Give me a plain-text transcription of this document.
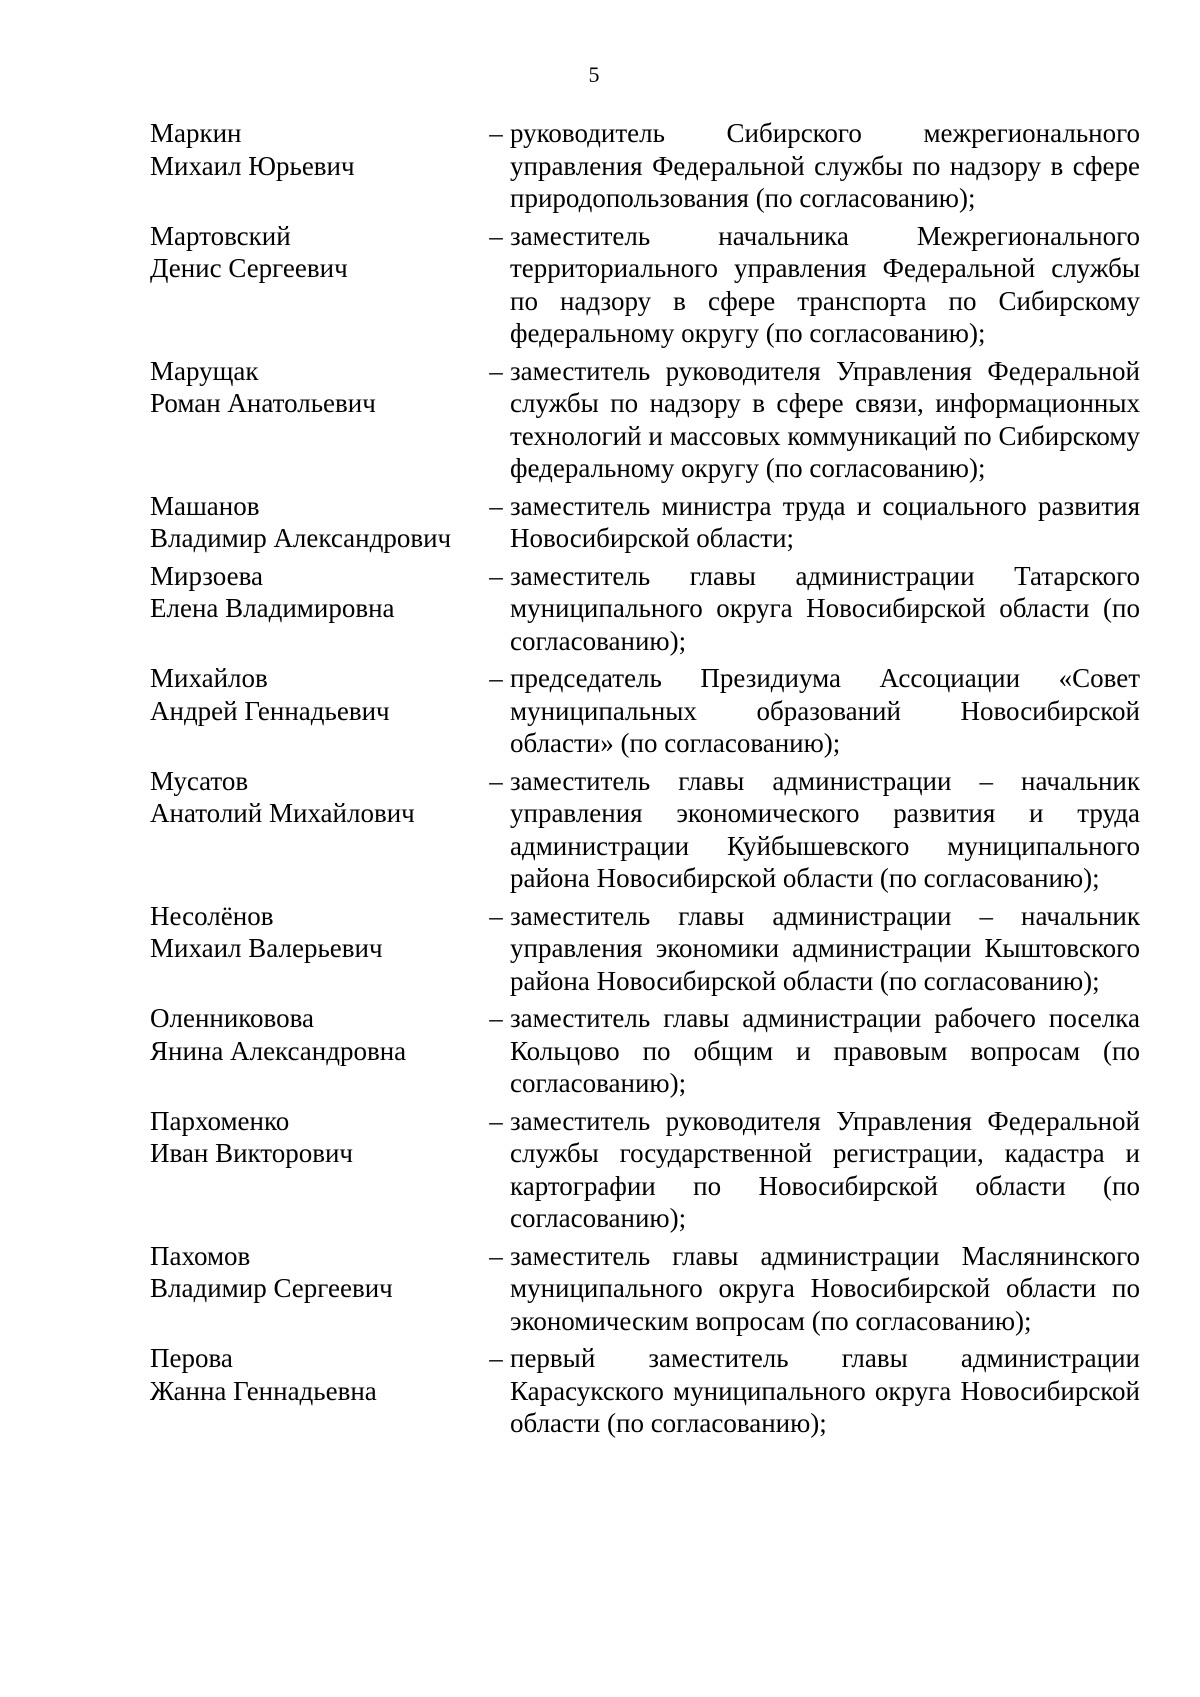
5
Маркин
Михаил Юрьевич
– руководитель Сибирского межрегионального управления Федеральной службы по надзору в сфере природопользования (по согласованию);
Мартовский
Денис Сергеевич
– заместитель начальника Межрегионального территориального управления Федеральной службы по надзору в сфере транспорта по Сибирскому федеральному округу (по согласованию);
Марущак
Роман Анатольевич
– заместитель руководителя Управления Федеральной службы по надзору в сфере связи, информационных технологий и массовых коммуникаций по Сибирскому федеральному округу (по согласованию);
Машанов
Владимир Александрович
– заместитель министра труда и социального развития Новосибирской области;
Мирзоева
Елена Владимировна
– заместитель главы администрации Татарского муниципального округа Новосибирской области (по согласованию);
Михайлов
Андрей Геннадьевич
– председатель Президиума Ассоциации «Совет муниципальных образований Новосибирской области» (по согласованию);
Мусатов
Анатолий Михайлович
– заместитель главы администрации – начальник управления экономического развития и труда администрации Куйбышевского муниципального района Новосибирской области (по согласованию);
Несолёнов
Михаил Валерьевич
– заместитель главы администрации – начальник управления экономики администрации Кыштовского района Новосибирской области (по согласованию);
Оленниковова
Янина Александровна
– заместитель главы администрации рабочего поселка Кольцово по общим и правовым вопросам (по согласованию);
Пархоменко
Иван Викторович
– заместитель руководителя Управления Федеральной службы государственной регистрации, кадастра и картографии по Новосибирской области (по согласованию);
Пахомов
Владимир Сергеевич
– заместитель главы администрации Маслянинского муниципального округа Новосибирской области по экономическим вопросам (по согласованию);
Перова
Жанна Геннадьевна
– первый заместитель главы администрации Карасукского муниципального округа Новосибирской области (по согласованию);
